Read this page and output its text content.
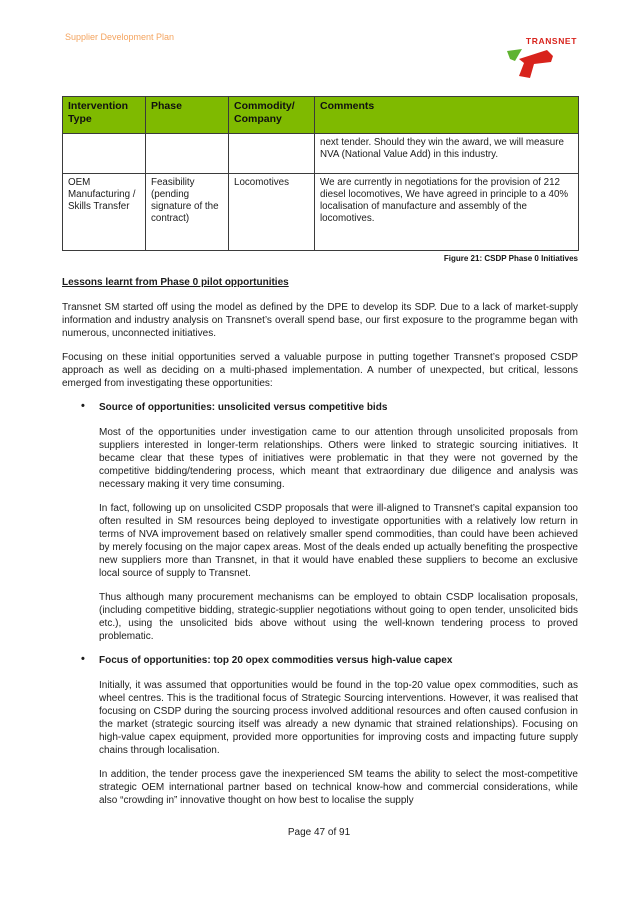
Supplier Development Plan	TRANSNET
Intervention Type	Phase	Commodity/ Company	Comments
			next tender. Should they win the award, we will measure NVA (National Value Add) in this industry.
OEM Manufacturing / Skills Transfer	Feasibility (pending signature of the contract)	Locomotives	We are currently in negotiations for the provision of 212 diesel locomotives, We have agreed in principle to a 40% localisation of manufacture and assembly of the locomotives.
Figure 21: CSDP Phase 0 Initiatives
Lessons learnt from Phase 0 pilot opportunities

Transnet SM started off using the model as defined by the DPE to develop its SDP. Due to a lack of market-supply information and industry analysis on Transnet’s overall spend base, our first exposure to the programme began with numerous, unconnected initiatives.

Focusing on these initial opportunities served a valuable purpose in putting together Transnet’s proposed CSDP approach as well as deciding on a multi-phased implementation. A number of unexpected, but critical, lessons emerged from investigating these opportunities:

• Source of opportunities: unsolicited versus competitive bids

Most of the opportunities under investigation came to our attention through unsolicited proposals from suppliers interested in longer-term relationships. Others were linked to strategic sourcing initiatives. It became clear that these types of initiatives were problematic in that they were not governed by the competitive bidding/tendering process, which meant that extraordinary due diligence and analysis was necessary making it very time consuming.

In fact, following up on unsolicited CSDP proposals that were ill-aligned to Transnet’s capital expansion too often resulted in SM resources being deployed to investigate opportunities with a relatively low return in terms of NVA improvement based on relatively smaller spend commodities, than could have been achieved by merely focusing on the major capex areas. Most of the deals ended up actually benefiting the prospective new suppliers more than Transnet, in that it would have enabled these suppliers to become an exclusive local source of supply to Transnet.

Thus although many procurement mechanisms can be employed to obtain CSDP localisation proposals, (including competitive bidding, strategic-supplier negotiations without going to open tender, unsolicited bids etc.), using the unsolicited bids above without using the well-known tendering process to proved problematic.

• Focus of opportunities: top 20 opex commodities versus high-value capex

Initially, it was assumed that opportunities would be found in the top-20 value opex commodities, such as wheel centres. This is the traditional focus of Strategic Sourcing interventions. However, it was realised that focusing on CSDP during the sourcing process involved additional resources and often caused confusion in the market (strategic sourcing itself was already a new dynamic that strained relationships). Focusing on high-value capex equipment, provided more opportunities for improving costs and impacting future supply chains through localisation.

In addition, the tender process gave the inexperienced SM teams the ability to select the most-competitive strategic OEM international partner based on technical know-how and commercial considerations, while also “crowding in” innovative thought on how best to localise the supply

Page 47 of 91
